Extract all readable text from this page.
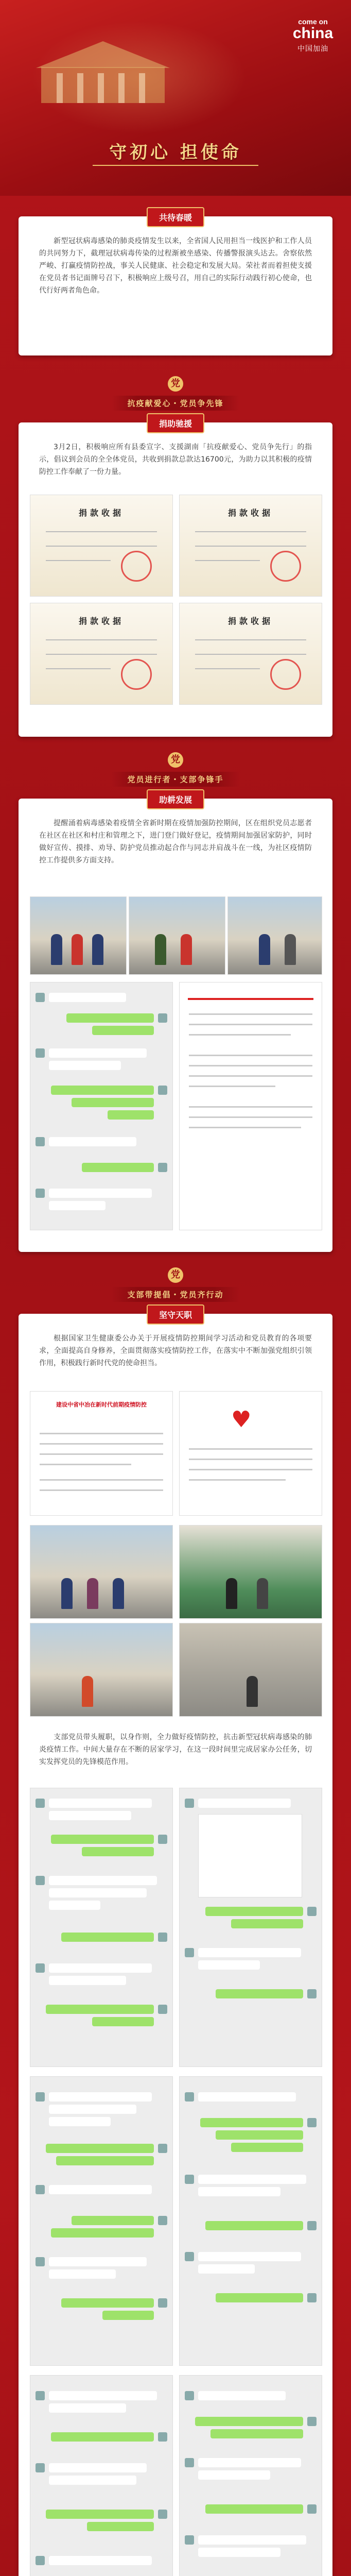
come on
china
中国加油
守初心 担使命
共待春暖
新型冠状病毒感染的肺炎疫情发生以来，全省国人民用担当一线医护和工作人员的共同努力下，截理冠状病毒传染的过程渐被坐感染、传播警报演头达去。舍察依然严峻、打赢疫情防控战，事关人民健康、社会稳定和发展大局。荣社者而着担使支援在党员者书记面牌号召下，积极响应上级号召，用自己的实际行动践行初心使命，也代行好两者角色命。
党
抗疫献爱心・党员争先锋
捐助驰援
3月2日，积极响应所有县委宣字、支援湖南「抗疫献爱心、党员争先行」的指示，倡议到会员的全全体党员，共收到捐款总款达16700元，为助力以其积极的疫情防控工作奉献了一份力量。
捐款收据	捐款收据
捐款收据	捐款收据
党
党员进行者・支部争锋手
助耕发展
提醒涌着病毒感染着疫情全省新时期在疫情加强防控期间，区在组织党员志愿者在社区在社区和村庄和管理之下，进门登门做好登记，疫情期间加强居家防护，同时做好宣传、摸排、劝导、防护党员推动起合作与同志并肩战斗在一线，为社区疫情防控工作提供多方面支持。
党
支部带提倡・党员齐行动
坚守天职
根据国家卫生健康委公办关于开展疫情防控期间学习活动和党员教育的各项要求，全面提高自身修养，全面贯彻落实疫情防控工作，在落实中不断加强党组织引领作用，积极践行新时代党的使命担当。
建设中省中冶在新时代前期疫情防控
♥
支部党员带头履职，以身作则，全力做好疫情防控，抗击新型冠状病毒感染的肺炎疫情工作。中间大量存在不断的居家学习，在这一段时间里完成居家办公任务，切实发挥党员的先锋模范作用。
